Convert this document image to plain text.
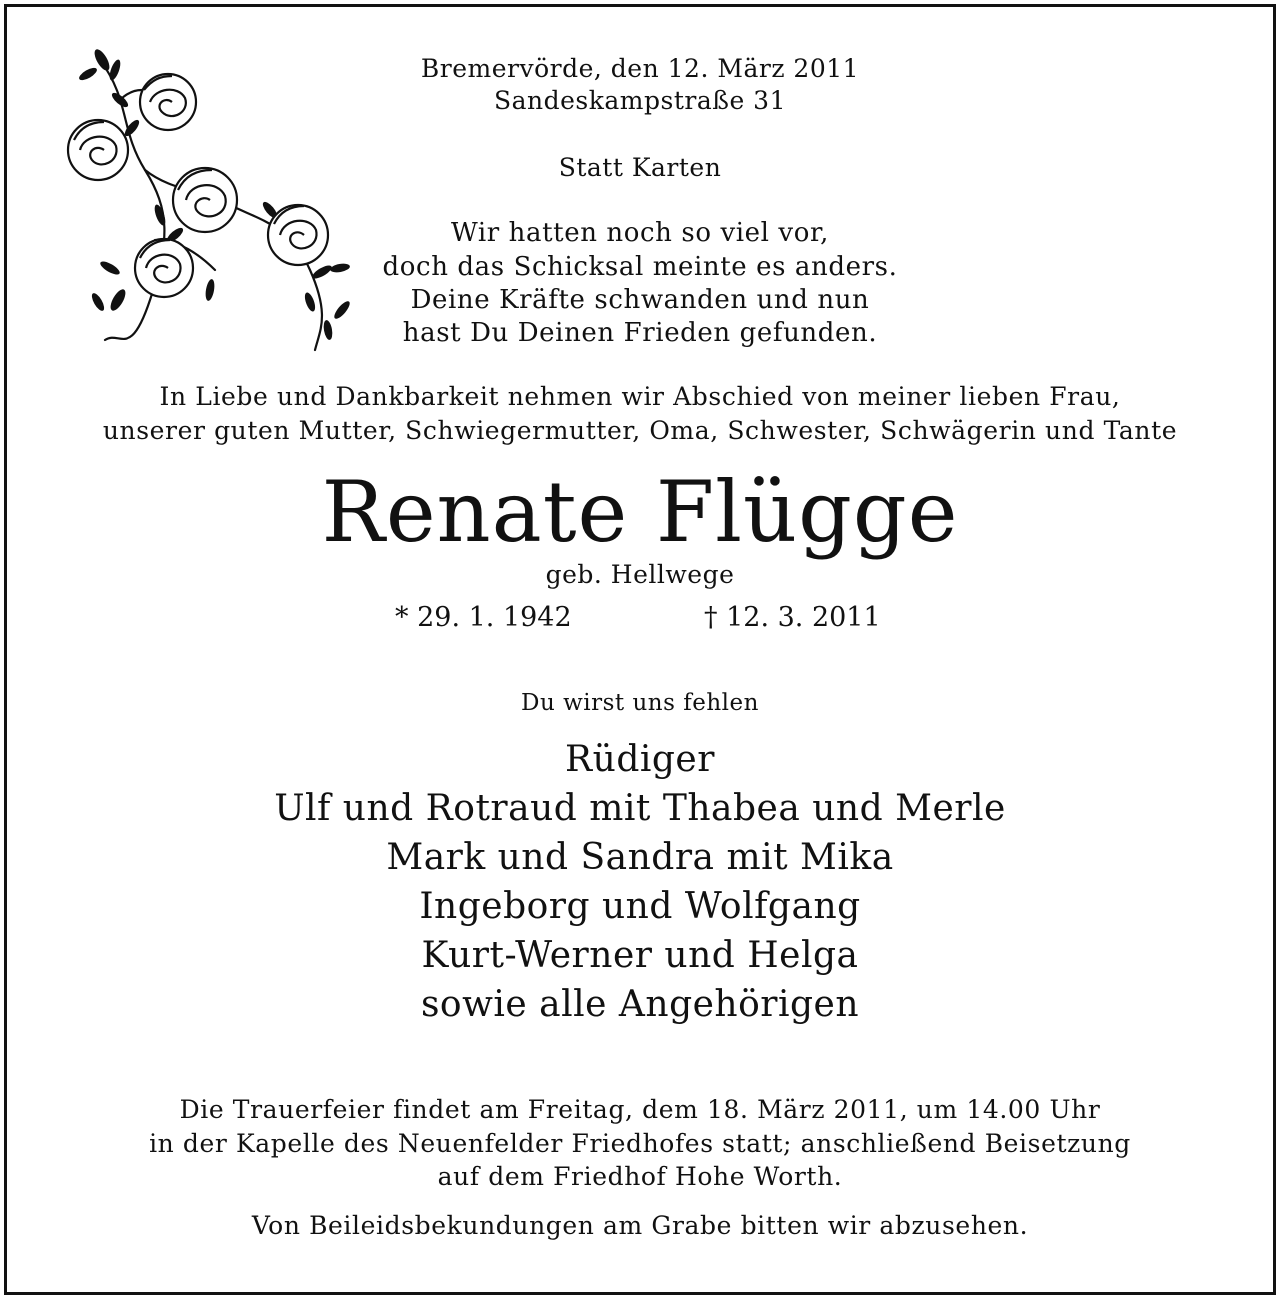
Bremervörde, den 12. März 2011
Sandeskampstraße 31
Statt Karten
Wir hatten noch so viel vor,
doch das Schicksal meinte es anders.
Deine Kräfte schwanden und nun
hast Du Deinen Frieden gefunden.
In Liebe und Dankbarkeit nehmen wir Abschied von meiner lieben Frau,
unserer guten Mutter, Schwiegermutter, Oma, Schwester, Schwägerin und Tante
Renate Flügge
geb. Hellwege
* 29. 1. 1942	† 12. 3. 2011
Du wirst uns fehlen
Rüdiger
Ulf und Rotraud mit Thabea und Merle
Mark und Sandra mit Mika
Ingeborg und Wolfgang
Kurt-Werner und Helga
sowie alle Angehörigen
Die Trauerfeier findet am Freitag, dem 18. März 2011, um 14.00 Uhr
in der Kapelle des Neuenfelder Friedhofes statt; anschließend Beisetzung
auf dem Friedhof Hohe Worth.
Von Beileidsbekundungen am Grabe bitten wir abzusehen.
